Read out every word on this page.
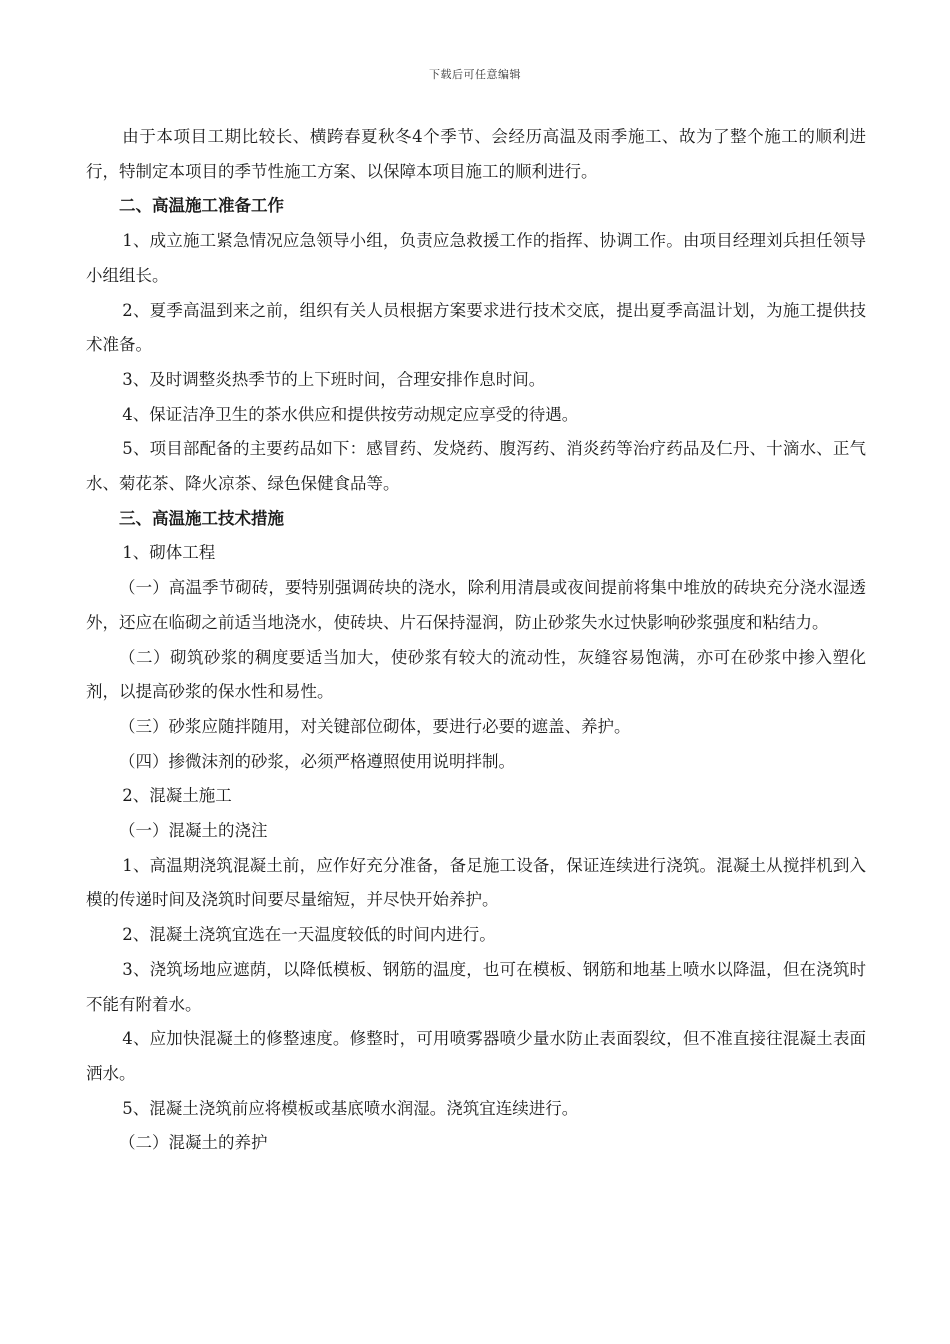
下载后可任意编辑

由于本项目工期比较长、横跨春夏秋冬4个季节、会经历高温及雨季施工、故为了整个施工的顺利进行，特制定本项目的季节性施工方案、以保障本项目施工的顺利进行。

二、高温施工准备工作

1、成立施工紧急情况应急领导小组，负责应急救援工作的指挥、协调工作。由项目经理刘兵担任领导小组组长。

2、夏季高温到来之前，组织有关人员根据方案要求进行技术交底，提出夏季高温计划，为施工提供技术准备。

3、及时调整炎热季节的上下班时间，合理安排作息时间。

4、保证洁净卫生的茶水供应和提供按劳动规定应享受的待遇。

5、项目部配备的主要药品如下：感冒药、发烧药、腹泻药、消炎药等治疗药品及仁丹、十滴水、正气水、菊花茶、降火凉茶、绿色保健食品等。

三、高温施工技术措施

1、砌体工程

（一）高温季节砌砖，要特别强调砖块的浇水，除利用清晨或夜间提前将集中堆放的砖块充分浇水湿透外，还应在临砌之前适当地浇水，使砖块、片石保持湿润，防止砂浆失水过快影响砂浆强度和粘结力。

（二）砌筑砂浆的稠度要适当加大，使砂浆有较大的流动性，灰缝容易饱满，亦可在砂浆中掺入塑化剂，以提高砂浆的保水性和易性。

（三）砂浆应随拌随用，对关键部位砌体，要进行必要的遮盖、养护。

（四）掺微沫剂的砂浆，必须严格遵照使用说明拌制。

2、混凝土施工

（一）混凝土的浇注

1、高温期浇筑混凝土前，应作好充分准备，备足施工设备，保证连续进行浇筑。混凝土从搅拌机到入模的传递时间及浇筑时间要尽量缩短，并尽快开始养护。

2、混凝土浇筑宜选在一天温度较低的时间内进行。

3、浇筑场地应遮荫，以降低模板、钢筋的温度，也可在模板、钢筋和地基上喷水以降温，但在浇筑时不能有附着水。

4、应加快混凝土的修整速度。修整时，可用喷雾器喷少量水防止表面裂纹，但不准直接往混凝土表面洒水。

5、混凝土浇筑前应将模板或基底喷水润湿。浇筑宜连续进行。

（二）混凝土的养护
